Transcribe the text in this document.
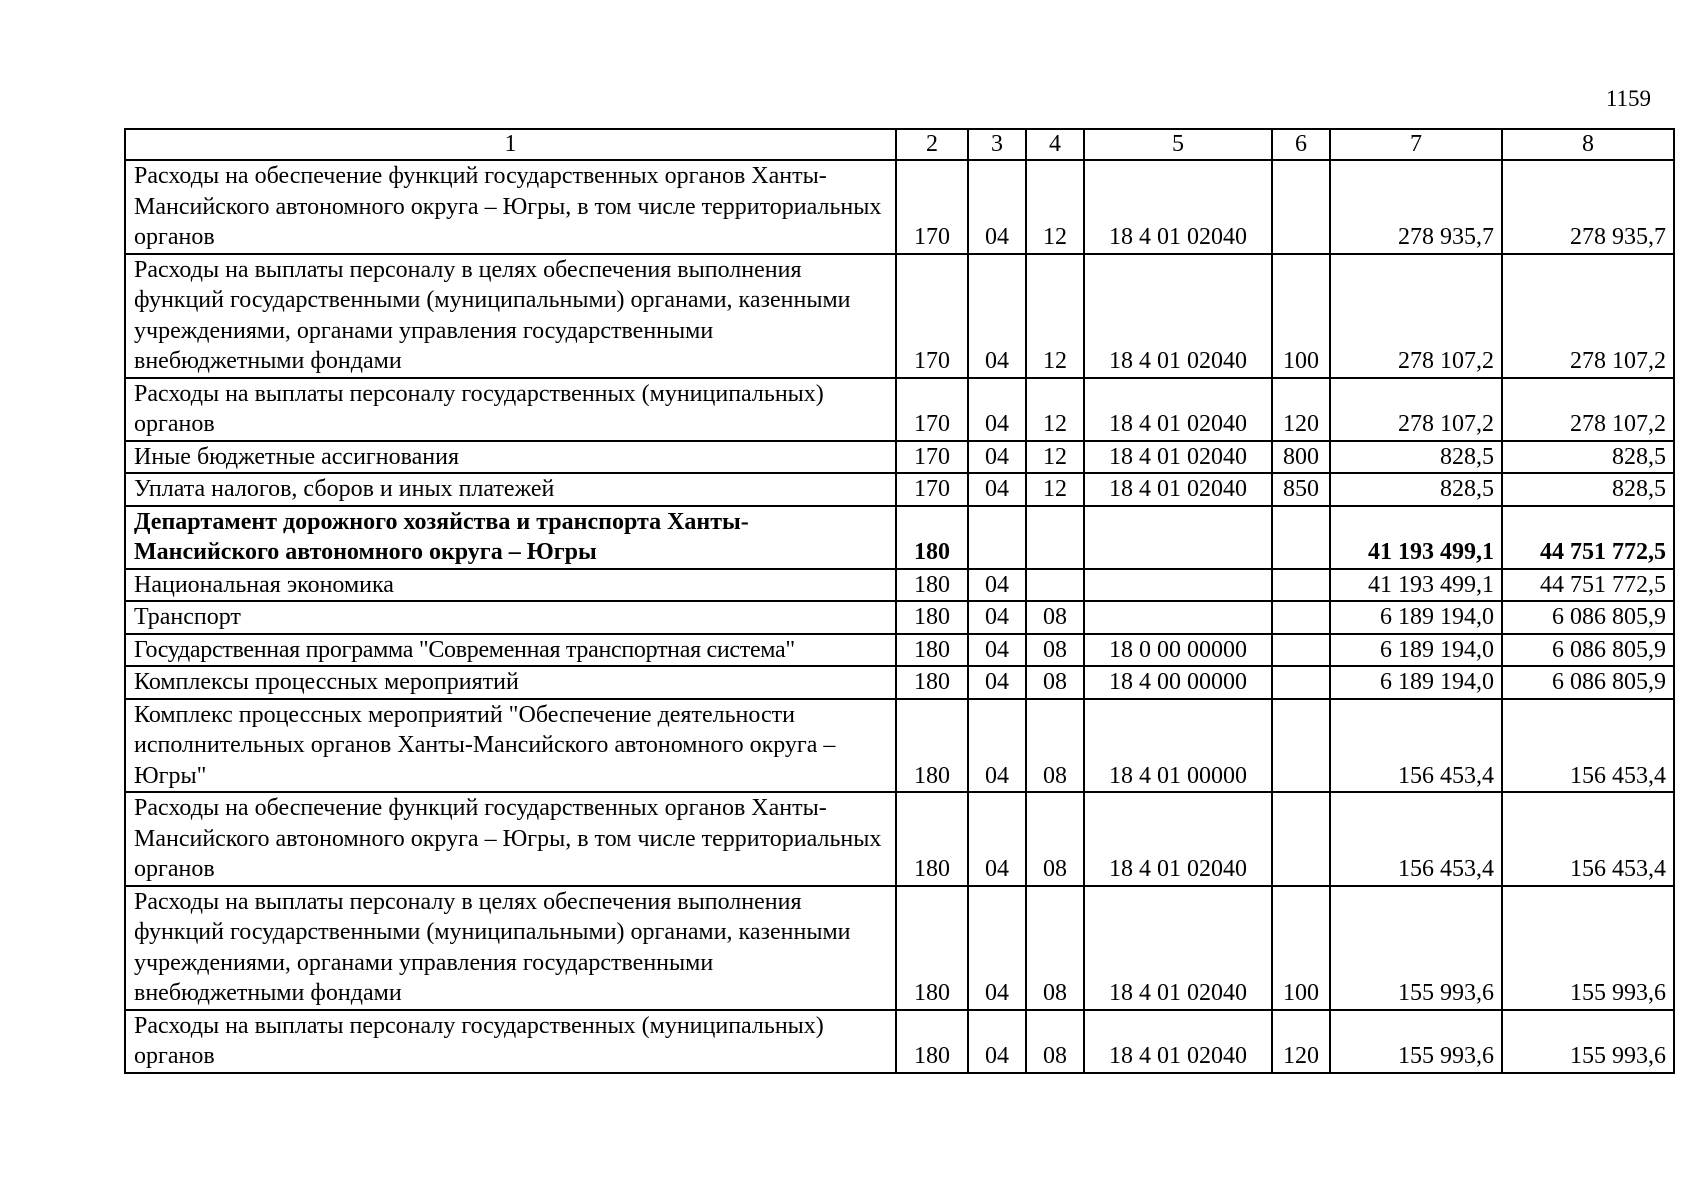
1159
1	2	3	4	5	6	7	8
Расходы на обеспечение функций государственных органов Ханты-Мансийского автономного округа – Югры, в том числе территориальных органов	170	04	12	18 4 01 02040		278 935,7	278 935,7
Расходы на выплаты персоналу в целях обеспечения выполнения функций государственными (муниципальными) органами, казенными учреждениями, органами управления государственными внебюджетными фондами	170	04	12	18 4 01 02040	100	278 107,2	278 107,2
Расходы на выплаты персоналу государственных (муниципальных) органов	170	04	12	18 4 01 02040	120	278 107,2	278 107,2
Иные бюджетные ассигнования	170	04	12	18 4 01 02040	800	828,5	828,5
Уплата налогов, сборов и иных платежей	170	04	12	18 4 01 02040	850	828,5	828,5
Департамент дорожного хозяйства и транспорта Ханты-Мансийского автономного округа – Югры	180					41 193 499,1	44 751 772,5
Национальная экономика	180	04				41 193 499,1	44 751 772,5
Транспорт	180	04	08			6 189 194,0	6 086 805,9
Государственная программа "Современная транспортная система"	180	04	08	18 0 00 00000		6 189 194,0	6 086 805,9
Комплексы процессных мероприятий	180	04	08	18 4 00 00000		6 189 194,0	6 086 805,9
Комплекс процессных мероприятий "Обеспечение деятельности исполнительных органов Ханты-Мансийского автономного округа – Югры"	180	04	08	18 4 01 00000		156 453,4	156 453,4
Расходы на обеспечение функций государственных органов Ханты-Мансийского автономного округа – Югры, в том числе территориальных органов	180	04	08	18 4 01 02040		156 453,4	156 453,4
Расходы на выплаты персоналу в целях обеспечения выполнения функций государственными (муниципальными) органами, казенными учреждениями, органами управления государственными внебюджетными фондами	180	04	08	18 4 01 02040	100	155 993,6	155 993,6
Расходы на выплаты персоналу государственных (муниципальных) органов	180	04	08	18 4 01 02040	120	155 993,6	155 993,6
